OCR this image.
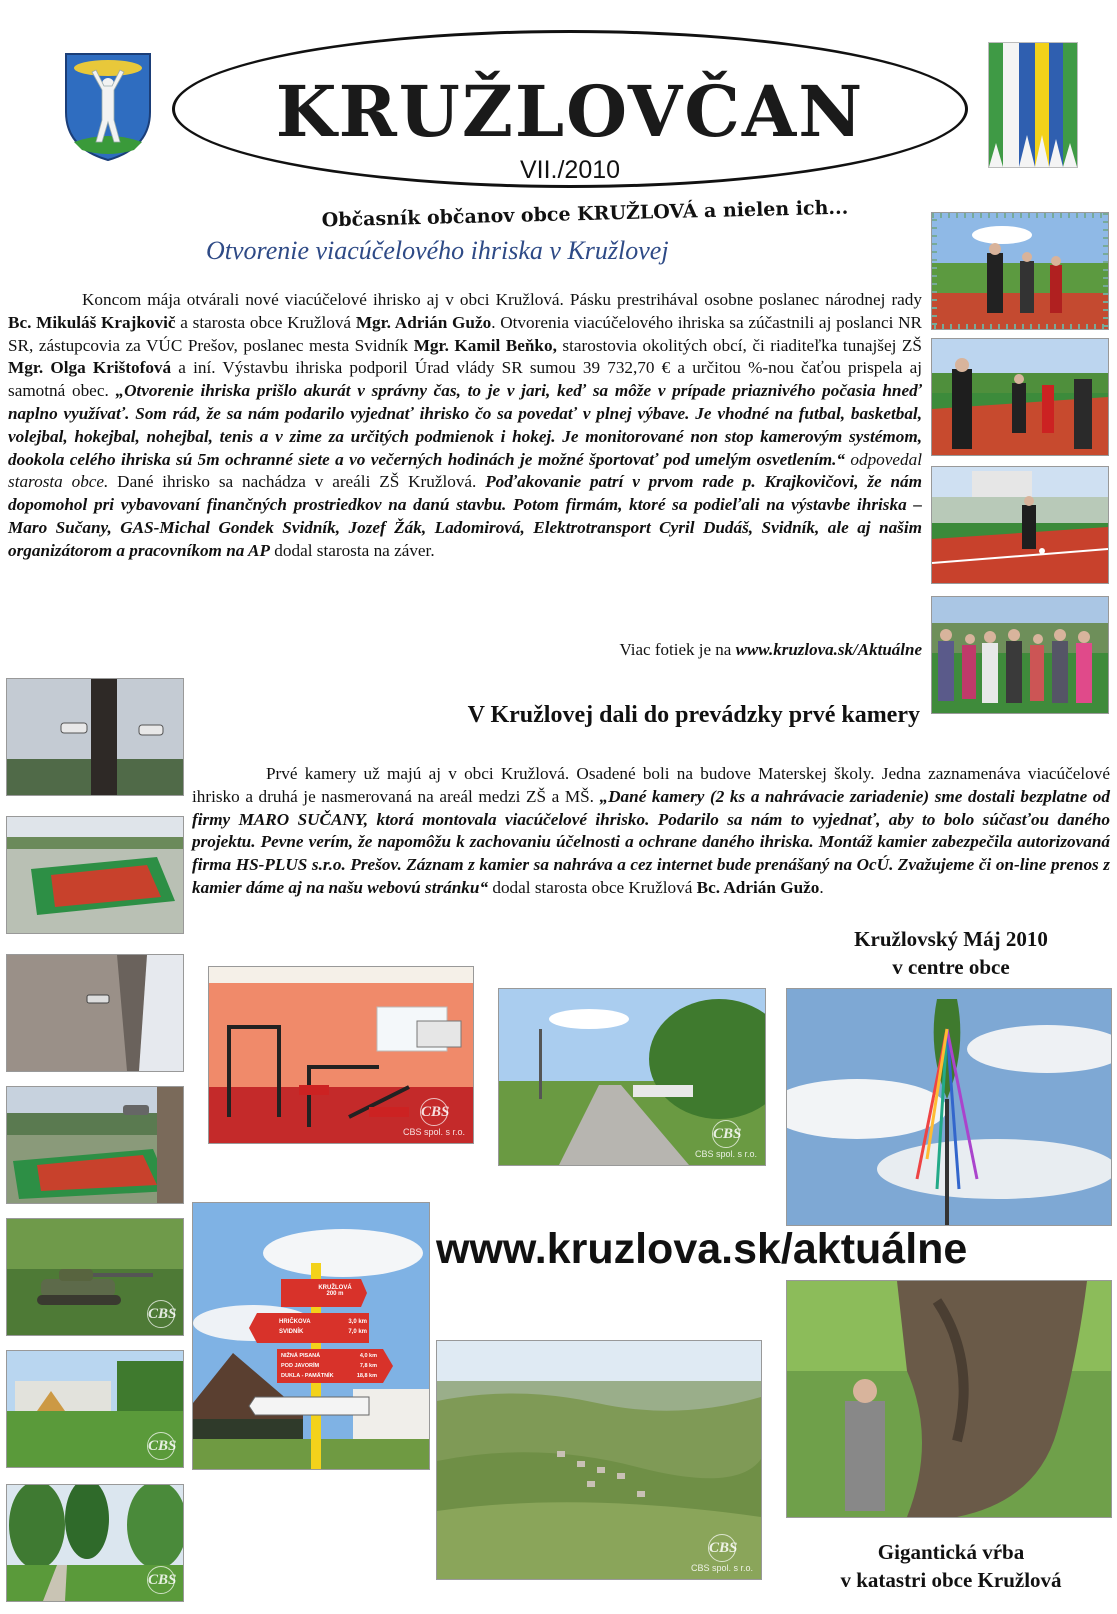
KRUŽLOVČAN
VII./2010
Občasník občanov obce KRUŽLOVÁ a nielen ich...
Otvorenie viacúčelového ihriska v Kružlovej

Koncom mája otvárali nové viacúčelové ihrisko aj v obci Kružlová. Pásku prestrihával osobne poslanec národnej rady Bc. Mikuláš Krajkovič a starosta obce Kružlová Mgr. Adrián Gužo. Otvorenia viacúčelového ihriska sa zúčastnili aj poslanci NR SR, zástupcovia za VÚC Prešov, poslanec mesta Svidník Mgr. Kamil Beňko, starostovia okolitých obcí, či riaditeľka tunajšej ZŠ Mgr. Olga Krištofová a iní. Výstavbu ihriska podporil Úrad vlády SR sumou 39 732,70 € a určitou %-nou čaťou prispela aj samotná obec. „Otvorenie ihriska prišlo akurát v správny čas, to je v jari, keď sa môže v prípade priaznivého počasia hneď naplno využívať. Som rád, že sa nám podarilo vyjednať ihrisko čo sa povedať v plnej výbave. Je vhodné na futbal, basketbal, volejbal, hokejbal, nohejbal, tenis a v zime za určitých podmienok i hokej. Je monitorované non stop kamerovým systémom, dookola celého ihriska sú 5m ochranné siete a vo večerných hodinách je možné športovať pod umelým osvetlením.“ odpovedal starosta obce. Dané ihrisko sa nachádza v areáli ZŠ Kružlová. Poďakovanie patrí v prvom rade p. Krajkovičovi, že nám dopomohol pri vybavovaní finančných prostriedkov na danú stavbu. Potom firmám, ktoré sa podieľali na výstavbe ihriska – Maro Sučany, GAS-Michal Gondek Svidník, Jozef Žák, Ladomirová, Elektrotransport Cyril Dudáš, Svidník, ale aj našim organizátorom a pracovníkom na AP dodal starosta na záver.

Viac fotiek je na www.kruzlova.sk/Aktuálne
V Kružlovej dali do prevádzky prvé kamery

Prvé kamery už majú aj v obci Kružlová. Osadené boli na budove Materskej školy. Jedna zaznamenáva viacúčelové ihrisko a druhá je nasmerovaná na areál medzi ZŠ a MŠ. „Dané kamery (2 ks a nahrávacie zariadenie) sme dostali bezplatne od firmy MARO SUČANY, ktorá montovala viacúčelové ihrisko. Podarilo sa nám to vyjednať, aby to bolo súčasťou daného projektu. Pevne verím, že napomôžu k zachovaniu účelnosti a ochrane daného ihriska. Montáž kamier zabezpečila autorizovaná firma HS-PLUS s.r.o. Prešov. Záznam z kamier sa nahráva a cez internet bude prenášaný na OcÚ. Zvažujeme či on-line prenos z kamier dáme aj na našu webovú stránku“ dodal starosta obce Kružlová Bc. Adrián Gužo.

CBS
CBS
CBS
CBS
CBS spol. s r.o.	CBS
CBS spol. s r.o.
KRUŽLOVÁ
200 m
HRIČKOVA	3,0 km

SVIDNÍK	7,0 km
NIŽNÁ PISANÁ	4,0 km

POD JAVORÍM	7,8 km

DUKLA - PAMÄTNÍK	18,8 km
CBS
CBS spol. s r.o.
Kružlovský Máj 2010
v centre obce
www.kruzlova.sk/aktuálne
Gigantická vŕba
v katastri obce Kružlová
